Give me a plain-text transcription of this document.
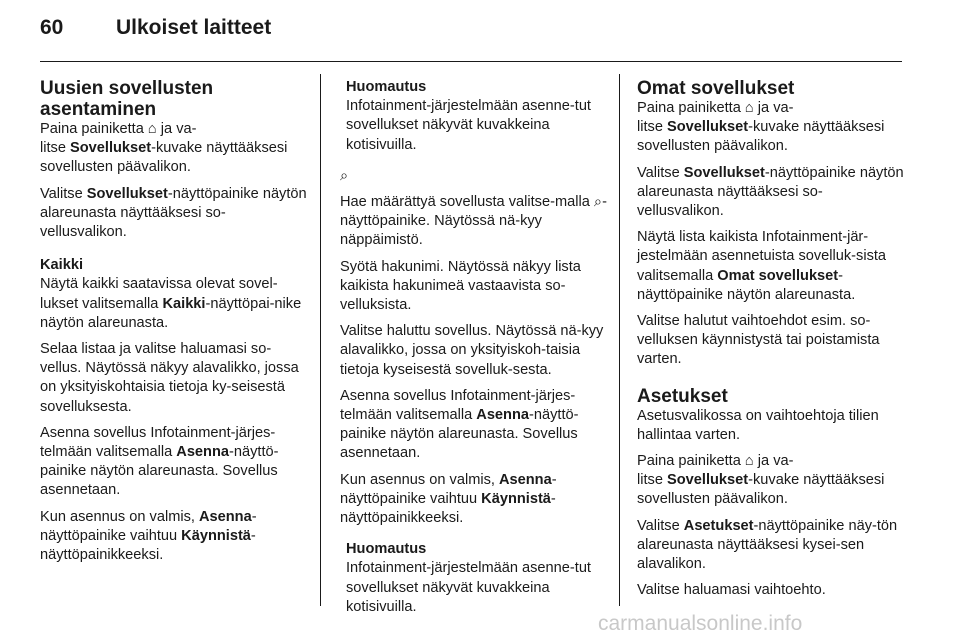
60	Ulkoiset laitteet
Uusien sovellusten asentaminen

Paina painiketta ⌂ ja va-
litse Sovellukset-kuvake näyttääksesi sovellusten päävalikon.

Valitse Sovellukset-näyttöpainike näytön alareunasta näyttääksesi so-vellusvalikon.

Kaikki

Näytä kaikki saatavissa olevat sovel-lukset valitsemalla Kaikki-näyttöpai-nike näytön alareunasta.

Selaa listaa ja valitse haluamasi so-vellus. Näytössä näkyy alavalikko, jossa on yksityiskohtaisia tietoja ky-seisestä sovelluksesta.

Asenna sovellus Infotainment-järjes-telmään valitsemalla Asenna-näyttö-painike näytön alareunasta. Sovellus asennetaan.

Kun asennus on valmis, Asenna-näyttöpainike vaihtuu Käynnistä-näyttöpainikkeeksi.

Huomautus
Infotainment-järjestelmään asenne-tut sovellukset näkyvät kuvakkeina kotisivuilla.

⌕

Hae määrättyä sovellusta valitse-malla ⌕-näyttöpainike. Näytössä nä-kyy näppäimistö.

Syötä hakunimi. Näytössä näkyy lista kaikista hakunimeä vastaavista so-velluksista.

Valitse haluttu sovellus. Näytössä nä-kyy alavalikko, jossa on yksityiskoh-taisia tietoja kyseisestä sovelluk-sesta.

Asenna sovellus Infotainment-järjes-telmään valitsemalla Asenna-näyttö-painike näytön alareunasta. Sovellus asennetaan.

Kun asennus on valmis, Asenna-näyttöpainike vaihtuu Käynnistä-näyttöpainikkeeksi.

Huomautus
Infotainment-järjestelmään asenne-tut sovellukset näkyvät kuvakkeina kotisivuilla.
Omat sovellukset

Paina painiketta ⌂ ja va-
litse Sovellukset-kuvake näyttääksesi sovellusten päävalikon.

Valitse Sovellukset-näyttöpainike näytön alareunasta näyttääksesi so-vellusvalikon.

Näytä lista kaikista Infotainment-jär-jestelmään asennetuista sovelluk-sista valitsemalla Omat sovellukset-näyttöpainike näytön alareunasta.

Valitse halutut vaihtoehdot esim. so-velluksen käynnistystä tai poistamista varten.

Asetukset

Asetusvalikossa on vaihtoehtoja tilien hallintaa varten.

Paina painiketta ⌂ ja va-
litse Sovellukset-kuvake näyttääksesi sovellusten päävalikon.

Valitse Asetukset-näyttöpainike näy-tön alareunasta näyttääksesi kysei-sen alavalikon.

Valitse haluamasi vaihtoehto.

carmanualsonline.info
